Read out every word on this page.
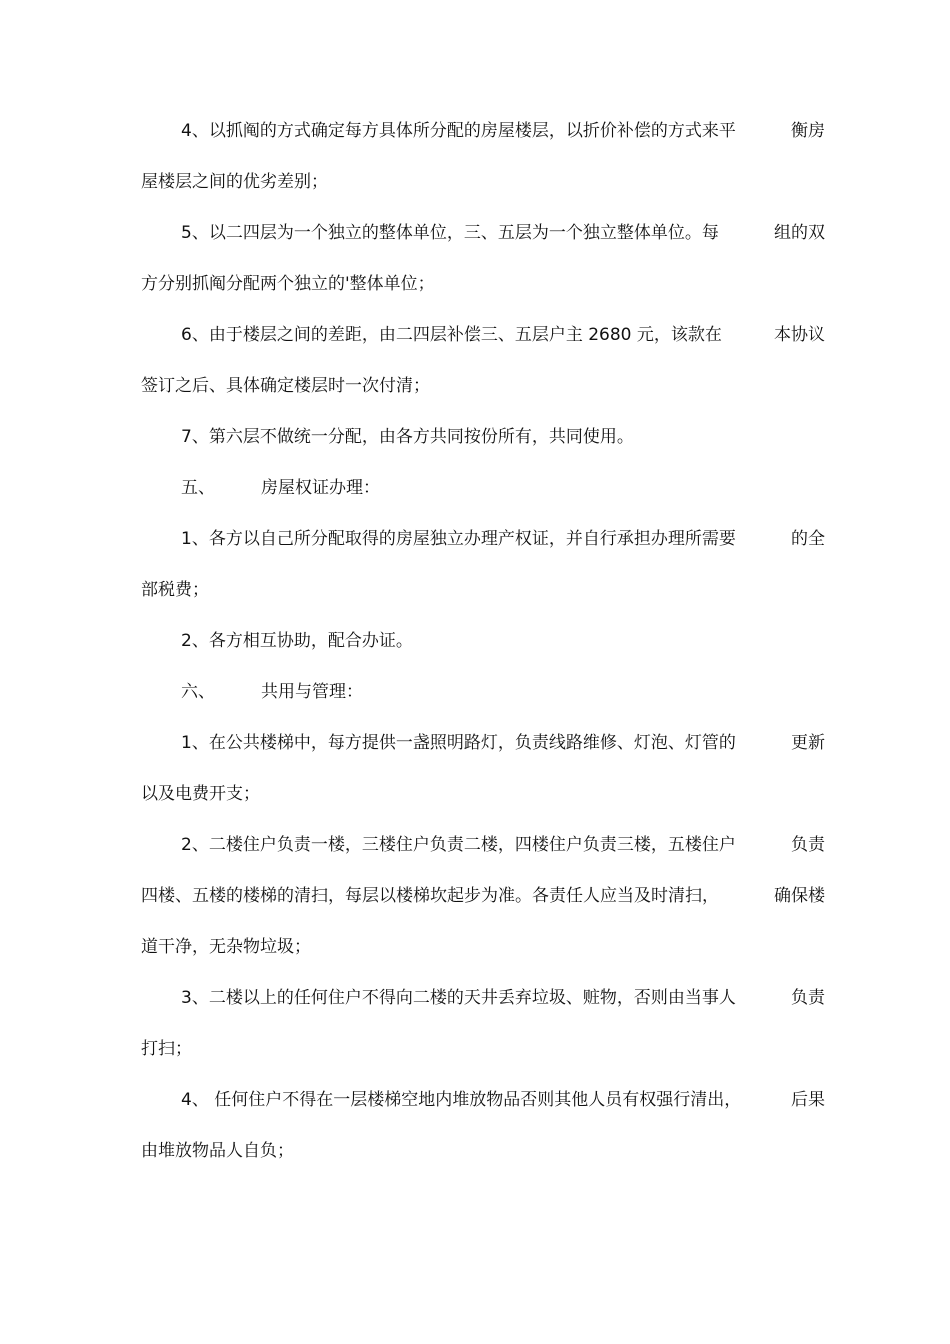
4、以抓阄的方式确定每方具体所分配的房屋楼层，以折价补偿的方式来平	衡房
屋楼层之间的优劣差别；
5、以二四层为一个独立的整体单位，三、五层为一个独立整体单位。每	组的双
方分别抓阄分配两个独立的'整体单位；
6、由于楼层之间的差距，由二四层补偿三、五层户主 2680 元，该款在	本协议
签订之后、具体确定楼层时一次付清；
7、第六层不做统一分配，由各方共同按份所有，共同使用。
五、	房屋权证办理：
1、各方以自己所分配取得的房屋独立办理产权证，并自行承担办理所需要	的全
部税费；
2、各方相互协助，配合办证。
六、	共用与管理：
1、在公共楼梯中，每方提供一盏照明路灯，负责线路维修、灯泡、灯管的	更新
以及电费开支；
2、二楼住户负责一楼，三楼住户负责二楼，四楼住户负责三楼，五楼住户	负责
四楼、五楼的楼梯的清扫，每层以楼梯坎起步为准。各责任人应当及时清扫，	确保楼
道干净，无杂物垃圾；
3、二楼以上的任何住户不得向二楼的天井丢弃垃圾、赃物，否则由当事人	负责
打扫；
4、 任何住户不得在一层楼梯空地内堆放物品否则其他人员有权强行清出，	后果
由堆放物品人自负；
